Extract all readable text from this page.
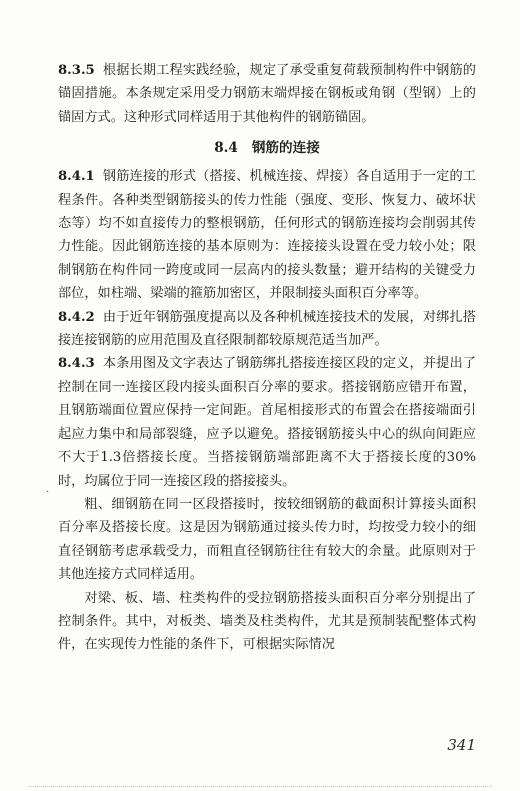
8.3.5 根据长期工程实践经验，规定了承受重复荷载预制构件中钢筋的锚固措施。本条规定采用受力钢筋末端焊接在钢板或角钢（型钢）上的锚固方式。这种形式同样适用于其他构件的钢筋锚固。

8.4 钢筋的连接

8.4.1 钢筋连接的形式（搭接、机械连接、焊接）各自适用于一定的工程条件。各种类型钢筋接头的传力性能（强度、变形、恢复力、破坏状态等）均不如直接传力的整根钢筋，任何形式的钢筋连接均会削弱其传力性能。因此钢筋连接的基本原则为：连接接头设置在受力较小处；限制钢筋在构件同一跨度或同一层高内的接头数量；避开结构的关键受力部位，如柱端、梁端的箍筋加密区，并限制接头面积百分率等。

8.4.2 由于近年钢筋强度提高以及各种机械连接技术的发展，对绑扎搭接连接钢筋的应用范围及直径限制都较原规范适当加严。

8.4.3 本条用图及文字表达了钢筋绑扎搭接连接区段的定义，并提出了控制在同一连接区段内接头面积百分率的要求。搭接钢筋应错开布置，且钢筋端面位置应保持一定间距。首尾相接形式的布置会在搭接端面引起应力集中和局部裂缝，应予以避免。搭接钢筋接头中心的纵向间距应不大于1.3倍搭接长度。当搭接钢筋端部距离不大于搭接长度的30%时，均属位于同一连接区段的搭接接头。

粗、细钢筋在同一区段搭接时，按较细钢筋的截面积计算接头面积百分率及搭接长度。这是因为钢筋通过接头传力时，均按受力较小的细直径钢筋考虑承载受力，而粗直径钢筋往往有较大的余量。此原则对于其他连接方式同样适用。

对梁、板、墙、柱类构件的受拉钢筋搭接头面积百分率分别提出了控制条件。其中，对板类、墙类及柱类构件，尤其是预制装配整体式构件，在实现传力性能的条件下，可根据实际情况

·
341
